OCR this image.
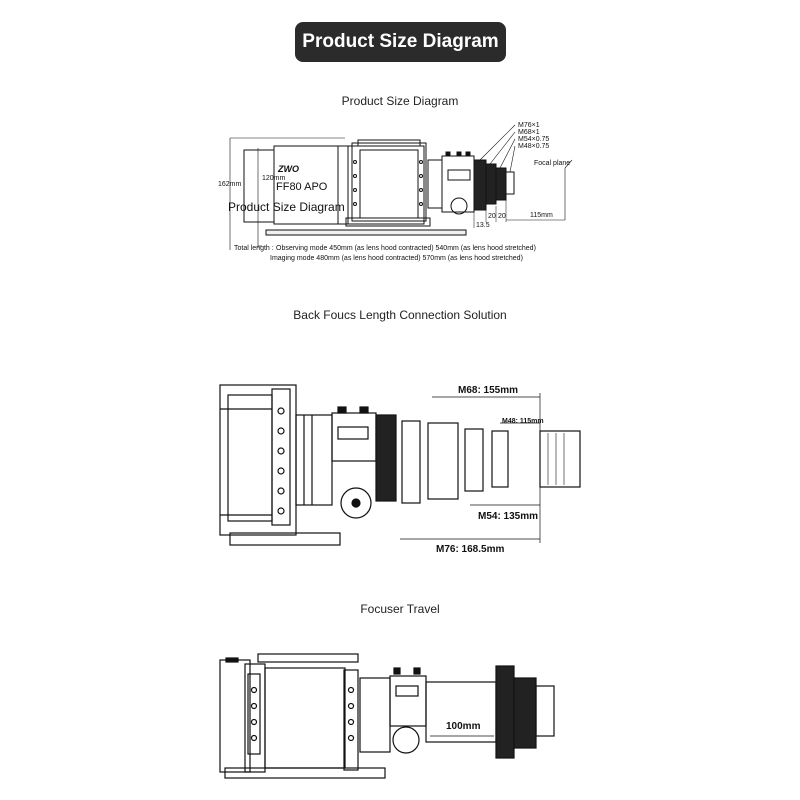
Product Size Diagram
Product Size Diagram
M76×1
M68×1
M54×0.75
M48×0.75
Focal plane
120mm
162mm
13.5
20 20	115mm
Total length : Observing mode 450mm (as lens hood contracted) 540mm (as lens hood stretched)
Imaging mode 480mm (as lens hood contracted) 570mm (as lens hood stretched)
ZWO
FF80 APO
Product Size Diagram
Back Foucs Length Connection Solution
M68: 155mm
M48: 115mm
M54: 135mm
M76: 168.5mm
Focuser Travel
100mm
